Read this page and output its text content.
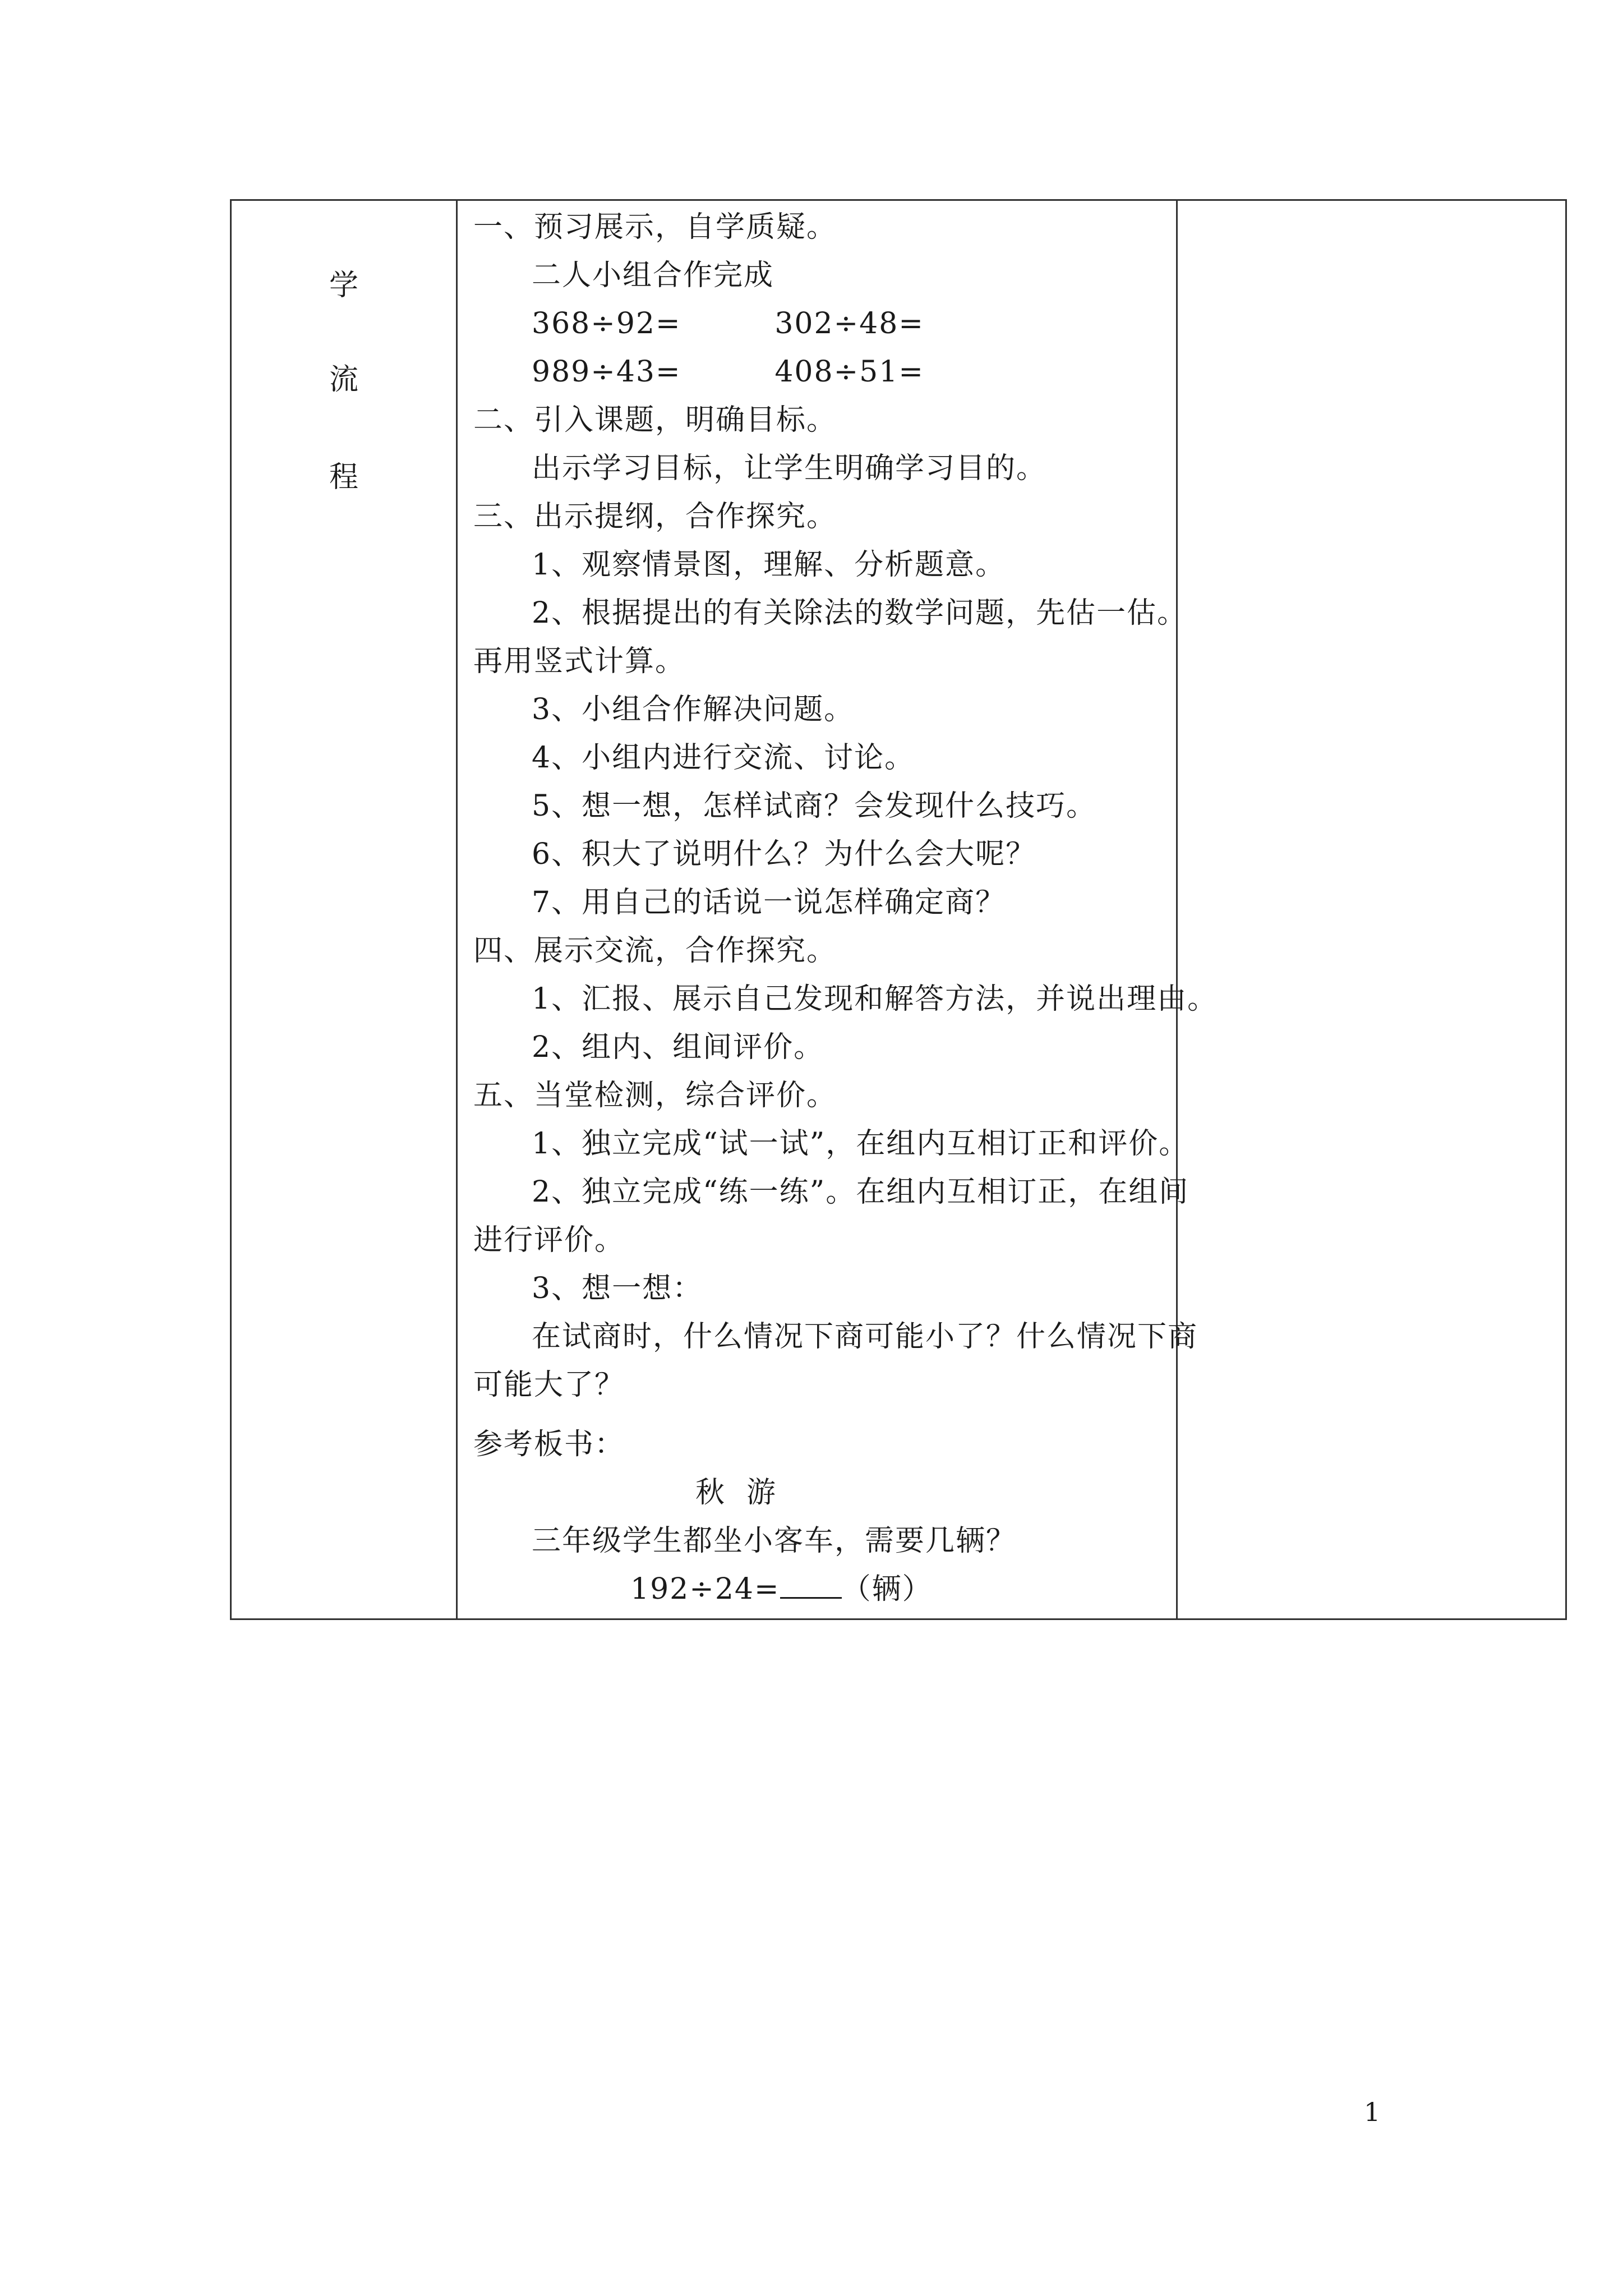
学
流
程

一、预习展示，自学质疑。
二人小组合作完成
368÷92=         302÷48=
989÷43=         408÷51=
二、引入课题，明确目标。
出示学习目标，让学生明确学习目的。
三、出示提纲，合作探究。
1、观察情景图，理解、分析题意。
2、根据提出的有关除法的数学问题，先估一估。
再用竖式计算。
3、小组合作解决问题。
4、小组内进行交流、讨论。
5、想一想，怎样试商？会发现什么技巧。
6、积大了说明什么？为什么会大呢？
7、用自己的话说一说怎样确定商？
四、展示交流，合作探究。
1、汇报、展示自己发现和解答方法，并说出理由。
2、组内、组间评价。
五、当堂检测，综合评价。
1、独立完成“试一试”，在组内互相订正和评价。
2、独立完成“练一练”。在组内互相订正，在组间
进行评价。
3、想一想：
在试商时，什么情况下商可能小了？什么情况下商
可能大了？
参考板书：
秋  游
三年级学生都坐小客车，需要几辆？
192÷24= （辆）

1
